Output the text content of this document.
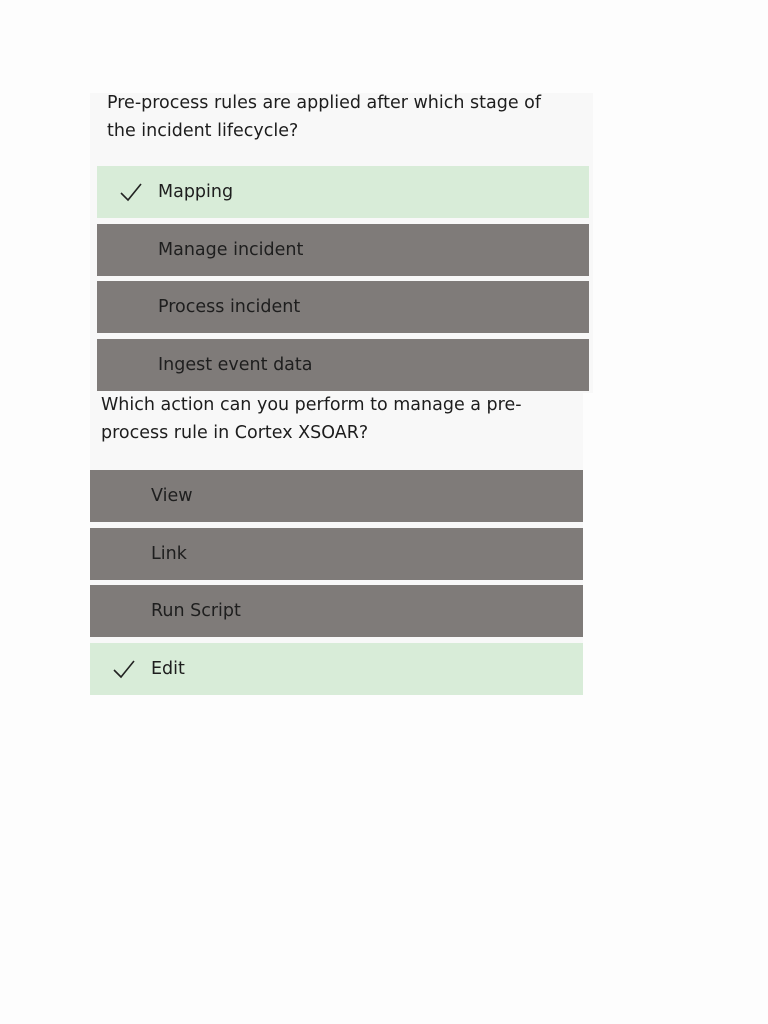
Pre-process rules are applied after which stage of
the incident lifecycle?
Mapping
Manage incident
Process incident
Ingest event data
Which action can you perform to manage a pre-
process rule in Cortex XSOAR?
View
Link
Run Script
Edit
